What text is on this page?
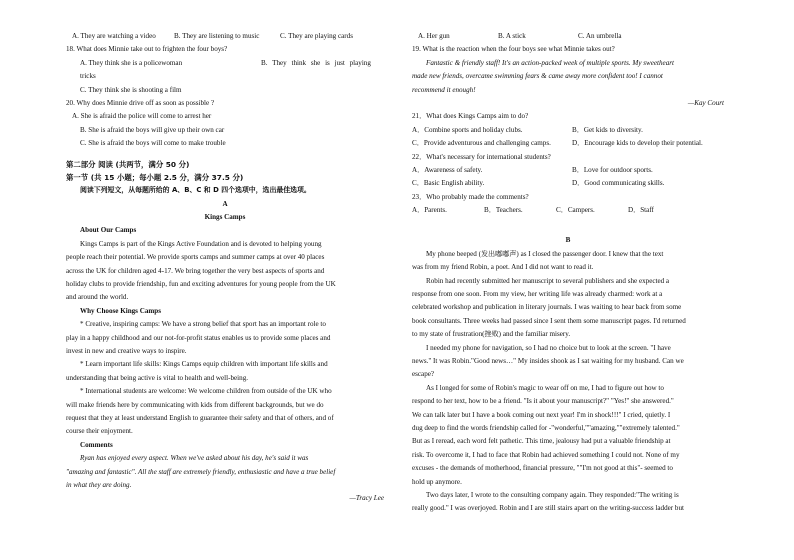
A. They are watching a video	B. They are listening to music	C. They are playing cards
18. What does Minnie take out to frighten the four boys?
A. They think she is a policewoman	B. They think she is just playing
tricks
C. They think she is shooting a film
20. Why does Minnie drive off as soon as possible ?
A. She is afraid the police will come to arrest her
B. She is afraid the boys will give up their own car
C. She is afraid the boys will come to make trouble
第二部分 阅读 (共两节，满分 50 分)
第一节 (共 15 小题；每小题 2.5 分，满分 37.5 分)
阅读下列短文，从每题所给的 A、B、C 和 D 四个选项中，选出最佳选项。
A
Kings Camps
About Our Camps
Kings Camps is part of the Kings Active Foundation and is devoted to helping young
people reach their potential. We provide sports camps and summer camps at over 40 places
across the UK for children aged 4-17. We bring together the very best aspects of sports and
holiday clubs to provide friendship, fun and exciting adventures for young people from the UK
and around the world.
Why Choose Kings Camps
* Creative, inspiring camps: We have a strong belief that sport has an important role to
play in a happy childhood and our not-for-profit status enables us to provide some places and
invest in new and creative ways to inspire.
* Learn important life skills: Kings Camps equip children with important life skills and
understanding that being active is vital to health and well-being.
* International students are welcome: We welcome children from outside of the UK who
will make friends here by communicating with kids from different backgrounds, but we do
request that they at least understand English to guarantee their safety and that of others, and of
course their enjoyment.
Comments
Ryan has enjoyed every aspect. When we've asked about his day, he's said it was
"amazing and fantastic". All the staff are extremely friendly, enthusiastic and have a true belief
in what they are doing.
—Tracy Lee
A. Her gun	B. A stick	C. An umbrella
19. What is the reaction when the four boys see what Minnie takes out?
Fantastic & friendly staff! It's an action-packed week of multiple sports. My sweetheart
made new friends, overcame swimming fears & came away more confident too! I cannot
recommend it enough!
—Kay Court
21．What does Kings Camps aim to do?
A．Combine sports and holiday clubs.	B．Get kids to diversity.
C．Provide adventurous and challenging camps.	D．Encourage kids to develop their potential.
22．What's necessary for international students?
A．Awareness of safety.	B．Love for outdoor sports.
C．Basic English ability.	D．Good communicating skills.
23．Who probably made the comments?
A．Parents.	B．Teachers.	C．Campers.	D．Staff
B
My phone beeped (发出嘟嘟声) as I closed the passenger door. I knew that the text
was from my friend Robin, a poet. And I did not want to read it.
Robin had recently submitted her manuscript to several publishers and she expected a
response from one soon. From my view, her writing life was already charmed: work at a
celebrated workshop and publication in literary journals. I was waiting to hear back from some
book consultants. Three weeks had passed since I sent them some manuscript pages. I'd returned
to my state of frustration(挫败) and the familiar misery.
I needed my phone for navigation, so I had no choice but to look at the screen. "I have
news." It was Robin."Good news…" My insides shook as I sat waiting for my husband. Can we
escape?
As I longed for some of Robin's magic to wear off on me, I had to figure out how to
respond to her text, how to be a friend. "Is it about your manuscript?" "Yes!" she answered."
We can talk later but I have a book coming out next year! I'm in shock!!!" I cried, quietly. I
dug deep to find the words friendship called for -"wonderful,""amazing,""extremely talented."
But as I reread, each word felt pathetic. This time, jealousy had put a valuable friendship at
risk. To overcome it, I had to face that Robin had achieved something I could not. None of my
excuses - the demands of motherhood, financial pressure, ""I'm not good at this"- seemed to
hold up anymore.
Two days later, I wrote to the consulting company again. They responded:"The writing is
really good." I was overjoyed. Robin and I are still stairs apart on the writing-success ladder but
